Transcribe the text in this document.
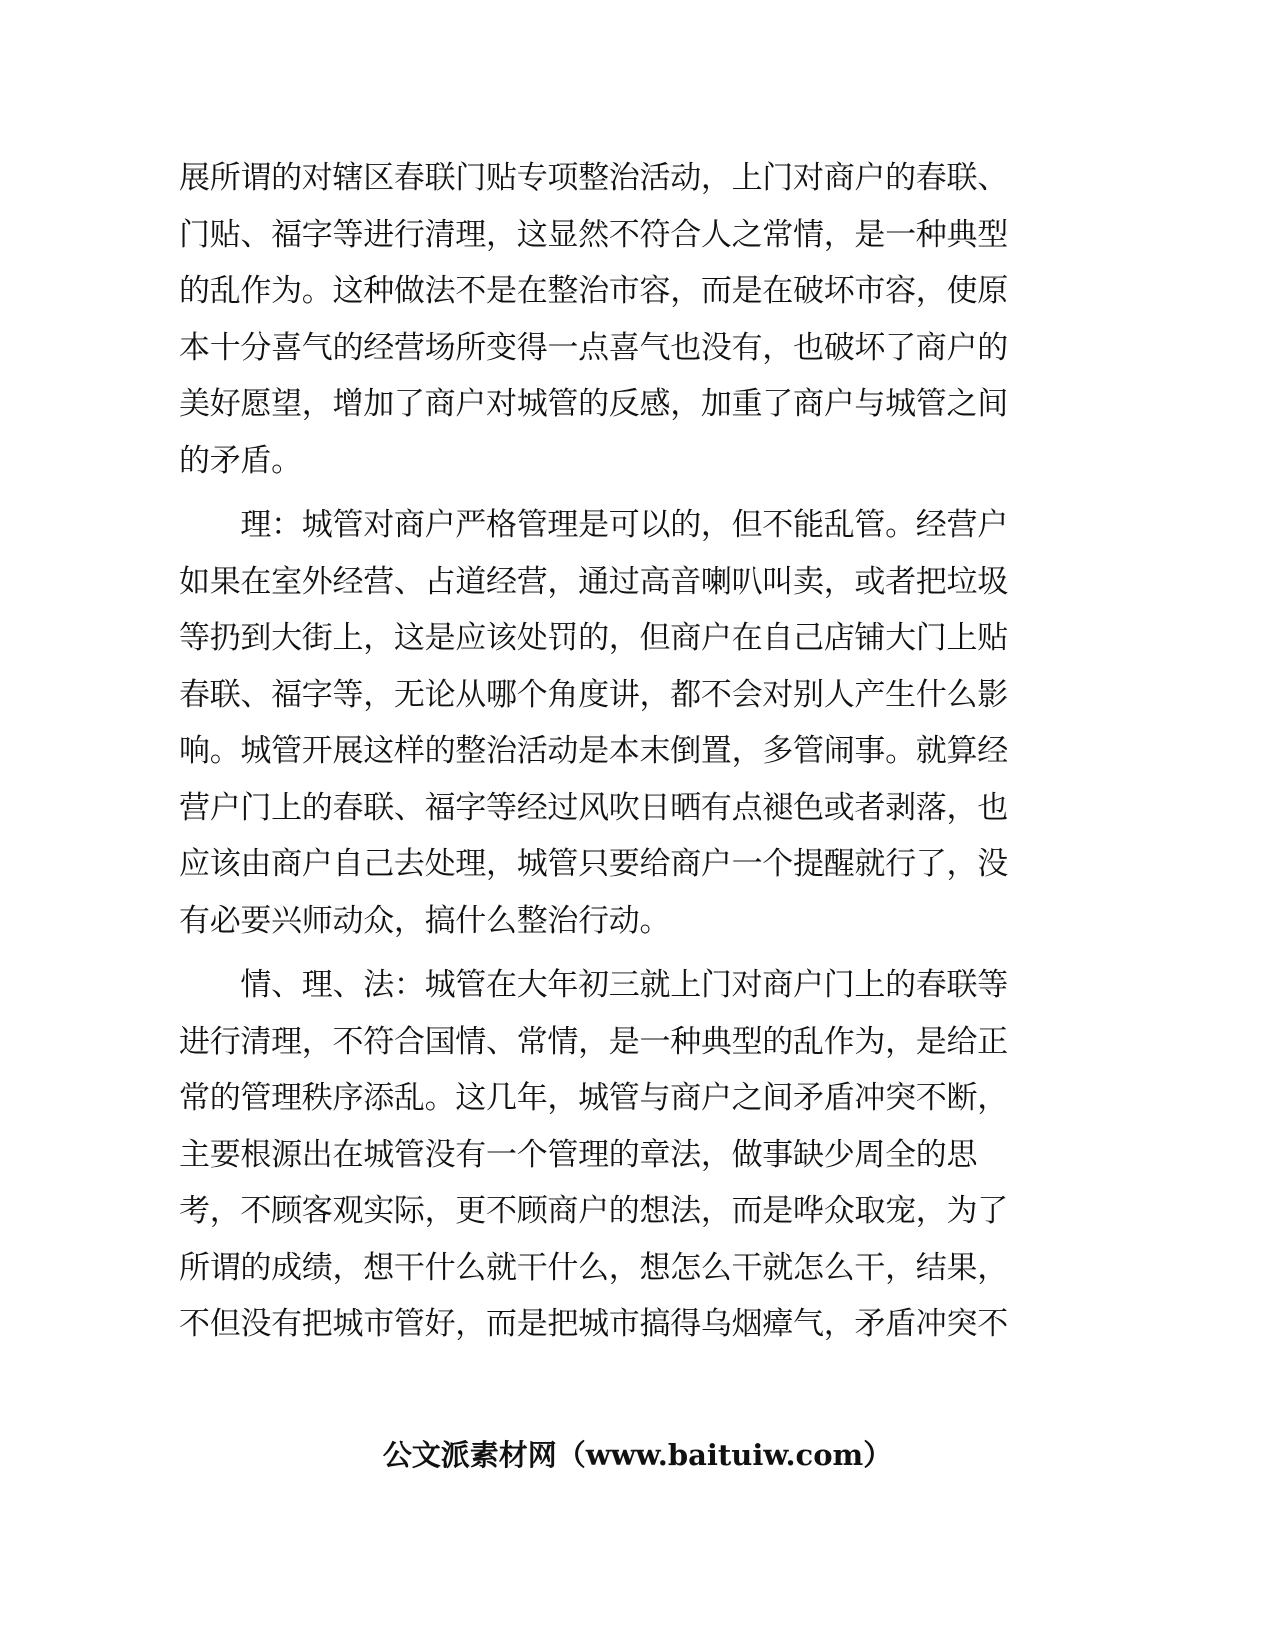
展所谓的对辖区春联门贴专项整治活动，上门对商户的春联、
门贴、福字等进行清理，这显然不符合人之常情，是一种典型
的乱作为。这种做法不是在整治市容，而是在破坏市容，使原
本十分喜气的经营场所变得一点喜气也没有，也破坏了商户的
美好愿望，增加了商户对城管的反感，加重了商户与城管之间
的矛盾。
　　理：城管对商户严格管理是可以的，但不能乱管。经营户
如果在室外经营、占道经营，通过高音喇叭叫卖，或者把垃圾
等扔到大街上，这是应该处罚的，但商户在自己店铺大门上贴
春联、福字等，无论从哪个角度讲，都不会对别人产生什么影
响。城管开展这样的整治活动是本末倒置，多管闹事。就算经
营户门上的春联、福字等经过风吹日晒有点褪色或者剥落，也
应该由商户自己去处理，城管只要给商户一个提醒就行了，没
有必要兴师动众，搞什么整治行动。
　　情、理、法：城管在大年初三就上门对商户门上的春联等
进行清理，不符合国情、常情，是一种典型的乱作为，是给正
常的管理秩序添乱。这几年，城管与商户之间矛盾冲突不断，
主要根源出在城管没有一个管理的章法，做事缺少周全的思
考，不顾客观实际，更不顾商户的想法，而是哗众取宠，为了
所谓的成绩，想干什么就干什么，想怎么干就怎么干，结果，
不但没有把城市管好，而是把城市搞得乌烟瘴气，矛盾冲突不
公文派素材网（www.baituiw.com）
